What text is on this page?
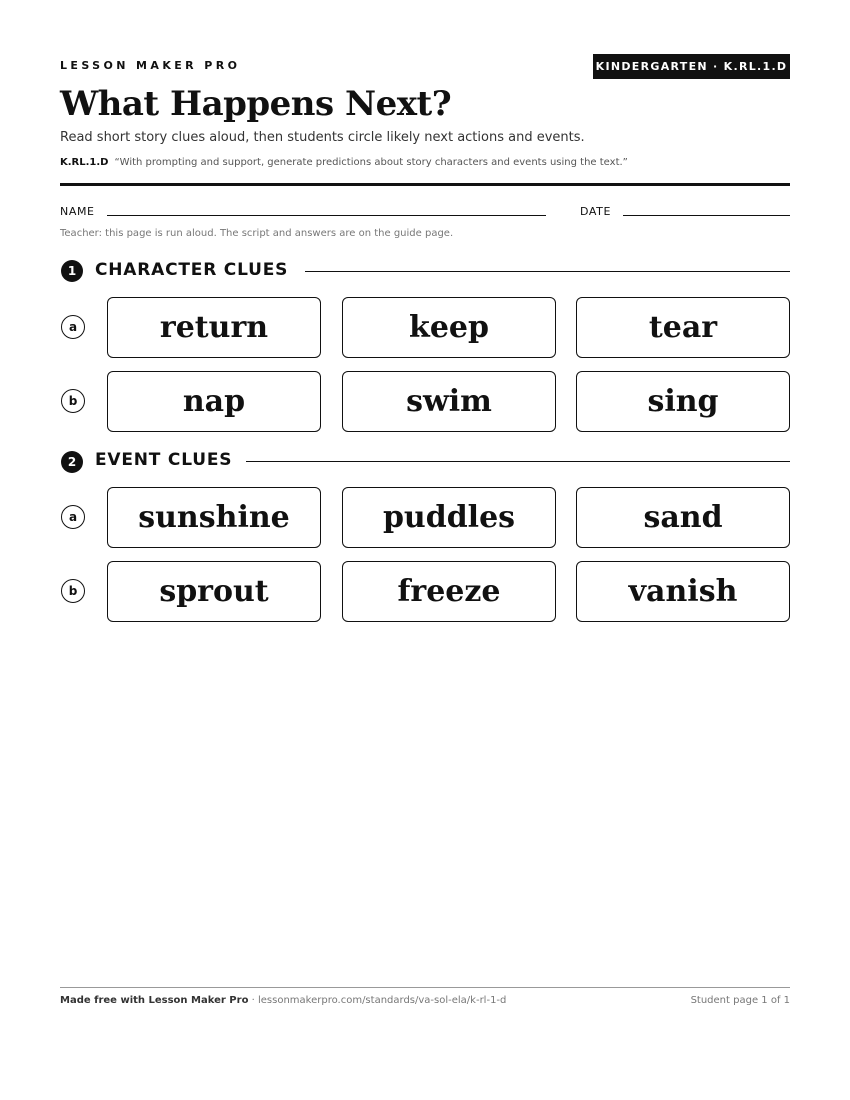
LESSON MAKER PRO	KINDERGARTEN · K.RL.1.D
What Happens Next?

Read short story clues aloud, then students circle likely next actions and events.

K.RL.1.D “With prompting and support, generate predictions about story characters and events using the text.”

NAME	DATE
Teacher: this page is run aloud. The script and answers are on the guide page.
1	CHARACTER CLUES
a	return	keep	tear
b	nap	swim	sing
2	EVENT CLUES
a	sunshine	puddles	sand
b	sprout	freeze	vanish
Made free with Lesson Maker Pro · lessonmakerpro.com/standards/va-sol-ela/k-rl-1-d	Student page 1 of 1
